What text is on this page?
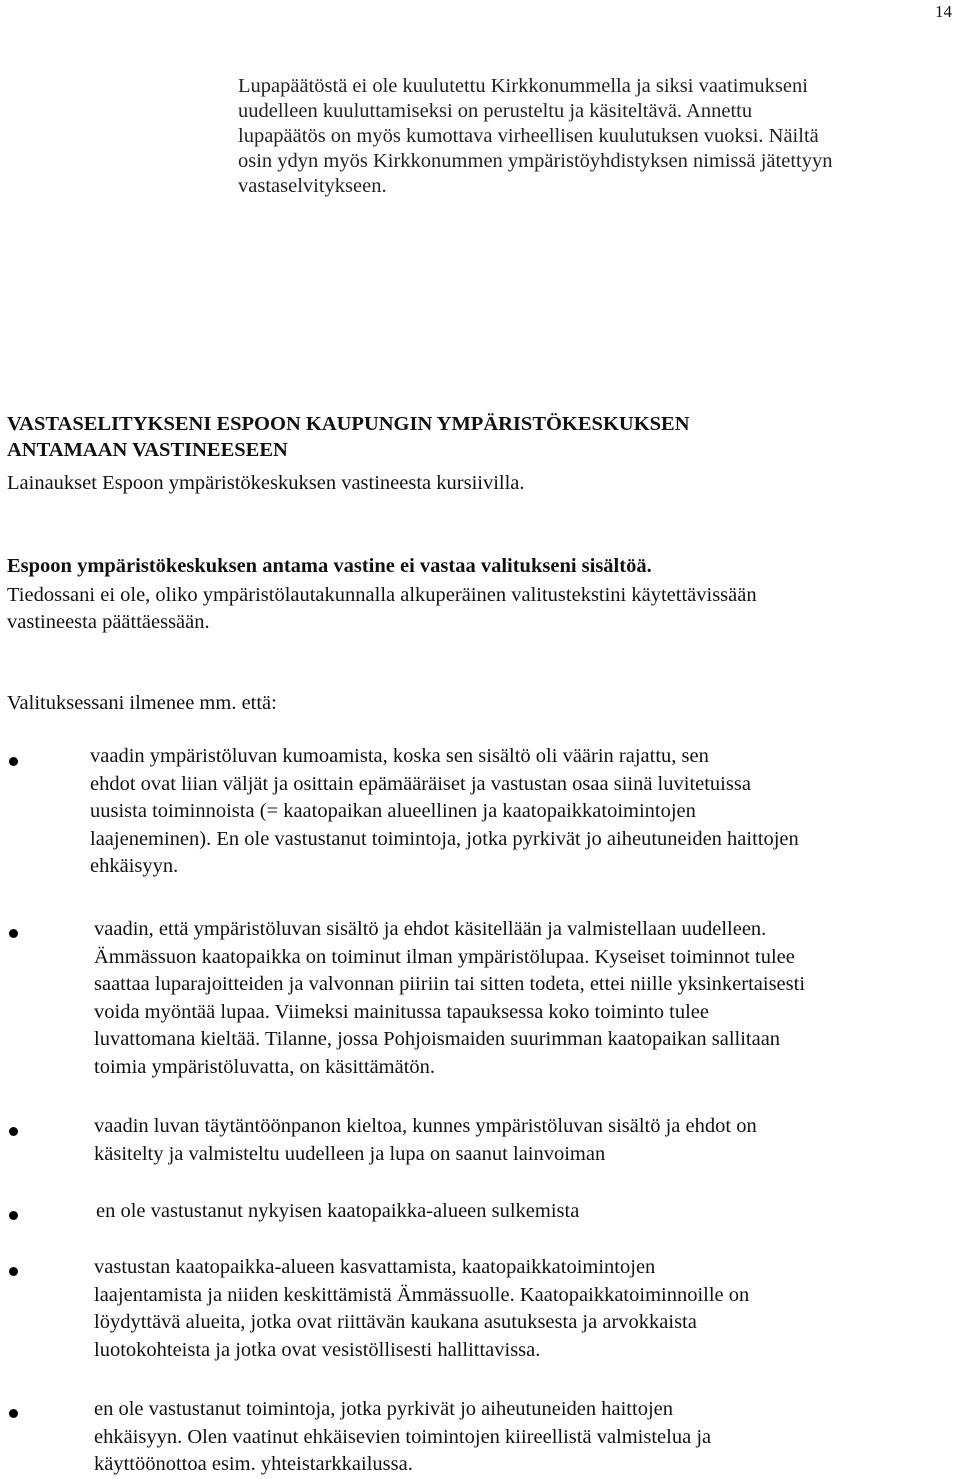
14
Lupapäätöstä ei ole kuulutettu Kirkkonummella ja siksi vaatimukseni
uudelleen kuuluttamiseksi on perusteltu ja käsiteltävä. Annettu
lupapäätös on myös kumottava virheellisen kuulutuksen vuoksi. Näiltä
osin ydyn myös Kirkkonummen ympäristöyhdistyksen nimissä jätettyyn
vastaselvitykseen.
VASTASELITYKSENI ESPOON KAUPUNGIN YMPÄRISTÖKESKUKSEN
ANTAMAAN VASTINEESEEN
Lainaukset Espoon ympäristökeskuksen vastineesta kursiivilla.
Espoon ympäristökeskuksen antama vastine ei vastaa valitukseni sisältöä.
Tiedossani ei ole, oliko ympäristölautakunnalla alkuperäinen valitustekstini käytettävissään
vastineesta päättäessään.
Valituksessani ilmenee mm. että:
vaadin ympäristöluvan kumoamista, koska sen sisältö oli väärin rajattu, sen
ehdot ovat liian väljät ja osittain epämääräiset ja vastustan osaa siinä luvitetuissa
uusista toiminnoista (= kaatopaikan alueellinen ja kaatopaikkatoimintojen
laajeneminen). En ole vastustanut toimintoja, jotka pyrkivät jo aiheutuneiden haittojen
ehkäisyyn.
vaadin, että ympäristöluvan sisältö ja ehdot käsitellään ja valmistellaan uudelleen.
Ämmässuon kaatopaikka on toiminut ilman ympäristölupaa. Kyseiset toiminnot tulee
saattaa luparajoitteiden ja valvonnan piiriin tai sitten todeta, ettei niille yksinkertaisesti
voida myöntää lupaa. Viimeksi mainitussa tapauksessa koko toiminto tulee
luvattomana kieltää. Tilanne, jossa Pohjoismaiden suurimman kaatopaikan sallitaan
toimia ympäristöluvatta, on käsittämätön.
vaadin luvan täytäntöönpanon kieltoa, kunnes ympäristöluvan sisältö ja ehdot on
käsitelty ja valmisteltu uudelleen ja lupa on saanut lainvoiman
en ole vastustanut nykyisen kaatopaikka-alueen sulkemista
vastustan kaatopaikka-alueen kasvattamista, kaatopaikkatoimintojen
laajentamista ja niiden keskittämistä Ämmässuolle. Kaatopaikkatoiminnoille on
löydyttävä alueita, jotka ovat riittävän kaukana asutuksesta ja arvokkaista
luotokohteista ja jotka ovat vesistöllisesti hallittavissa.
en ole vastustanut toimintoja, jotka pyrkivät jo aiheutuneiden haittojen
ehkäisyyn. Olen vaatinut ehkäisevien toimintojen kiireellistä valmistelua ja
käyttöönottoa esim. yhteistarkkailussa.
